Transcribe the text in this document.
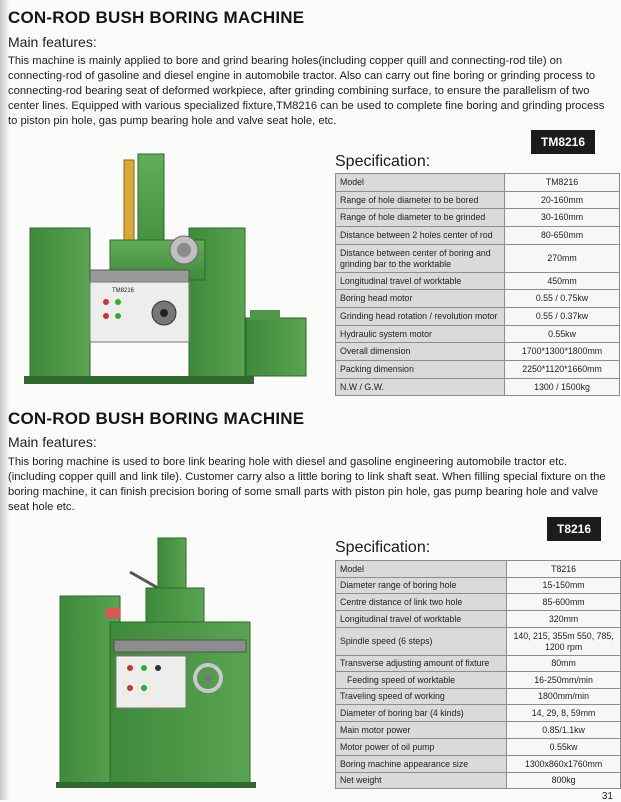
CON-ROD BUSH BORING MACHINE
Main features:

This machine is mainly applied to bore and grind bearing holes(including copper quill and connecting-rod tile) on connecting-rod of gasoline and diesel engine in automobile tractor. Also can carry out fine boring or grinding process to connecting-rod bearing seat of deformed workpiece, after grinding combining surface, to ensure the parallelism of two center lines. Equipped with various specialized fixture,TM8216 can be used to complete fine boring and grinding process to piston pin hole, gas pump bearing hole and valve seat hole, etc.

TM8216
Specification:
Model	TM8216
Range of hole diameter to be bored	20-160mm
Range of hole diameter to be grinded	30-160mm
Distance between 2 holes center of rod	80-650mm
Distance between center of boring and grinding bar to the worktable	270mm
Longitudinal travel of worktable	450mm
Boring head motor	0.55 / 0.75kw
Grinding head rotation / revolution motor	0.55 / 0.37kw
Hydraulic system motor	0.55kw
Overall dimension	1700*1300*1800mm
Packing dimension	2250*1120*1660mm
N.W / G.W.	1300 / 1500kg
TM8216
CON-ROD BUSH BORING MACHINE
Main features:

This boring machine is used to bore link bearing hole with diesel and gasoline engineering automobile tractor etc. (including copper quill and link tile). Customer carry also a little boring to link shaft seat. When filling special fixture on the boring machine, it can finish precision boring of some small parts with piston pin hole, gas pump bearing hole and valve seat hole etc.

T8216
Specification:
Model	T8216
Diameter range of boring hole	15-150mm
Centre distance of link two hole	85-600mm
Longitudinal travel of worktable	320mm
Spindle speed (6 steps)	140, 215, 355m 550, 785, 1200 rpm
Transverse adjusting amount of fixture	80mm
Feeding speed of worktable	16-250mm/min
Traveling speed of working	1800mm/min
Diameter of boring bar (4 kinds)	14, 29, 8, 59mm
Main motor power	0.85/1.1kw
Motor power of oil pump	0.55kw
Boring machine appearance size	1300x860x1760mm
Net weight	800kg
31
